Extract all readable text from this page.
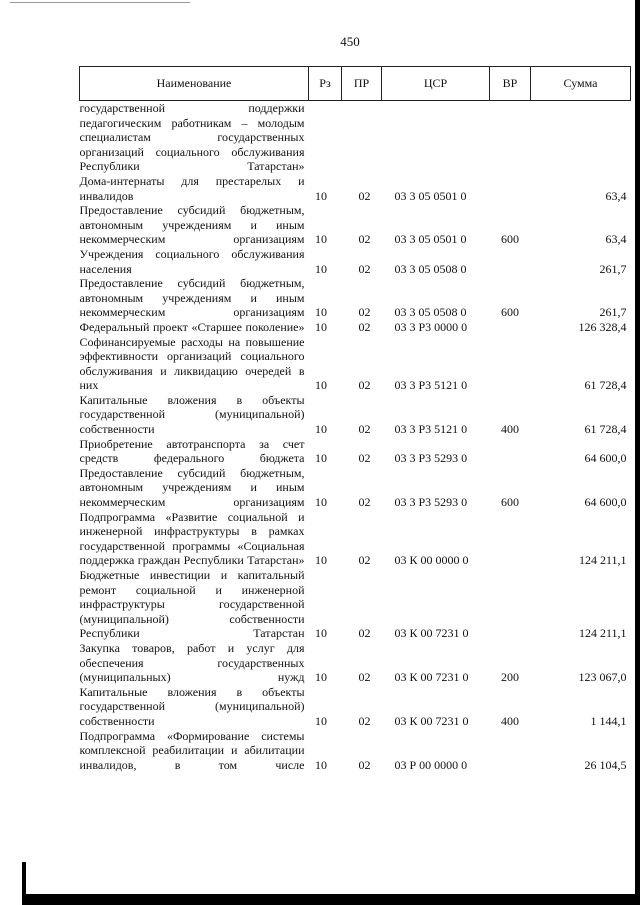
450
Наименование	Рз	ПР	ЦСР	ВР	Сумма

государственной поддержки педагогическим работникам – молодым специалистам государственных организаций социального обслуживания Республики Татарстан»					

Дома-интернаты для престарелых и инвалидов	10	02	03 3 05 0501 0		63,4

Предоставление субсидий бюджетным, автономным учреждениям и иным некоммерческим организациям	10	02	03 3 05 0501 0	600	63,4

Учреждения социального обслуживания населения	10	02	03 3 05 0508 0		261,7

Предоставление субсидий бюджетным, автономным учреждениям и иным некоммерческим организациям	10	02	03 3 05 0508 0	600	261,7

Федеральный проект «Старшее поколение»	10	02	03 3 P3 0000 0		126 328,4

Софинансируемые расходы на повышение эффективности организаций социального обслуживания и ликвидацию очередей в них	10	02	03 3 P3 5121 0		61 728,4

Капитальные вложения в объекты государственной (муниципальной) собственности	10	02	03 3 P3 5121 0	400	61 728,4

Приобретение автотранспорта за счет средств федерального бюджета	10	02	03 3 P3 5293 0		64 600,0

Предоставление субсидий бюджетным, автономным учреждениям и иным некоммерческим организациям	10	02	03 3 P3 5293 0	600	64 600,0

Подпрограмма «Развитие социальной и инженерной инфраструктуры в рамках государственной программы «Социальная поддержка граждан Республики Татарстан»	10	02	03 К 00 0000 0		124 211,1

Бюджетные инвестиции и капитальный ремонт социальной и инженерной инфраструктуры государственной (муниципальной) собственности Республики Татарстан	10	02	03 К 00 7231 0		124 211,1

Закупка товаров, работ и услуг для обеспечения государственных (муниципальных) нужд	10	02	03 К 00 7231 0	200	123 067,0

Капитальные вложения в объекты государственной (муниципальной) собственности	10	02	03 К 00 7231 0	400	1 144,1

Подпрограмма «Формирование системы комплексной реабилитации и абилитации инвалидов, в том числе	10	02	03 Р 00 0000 0		26 104,5
